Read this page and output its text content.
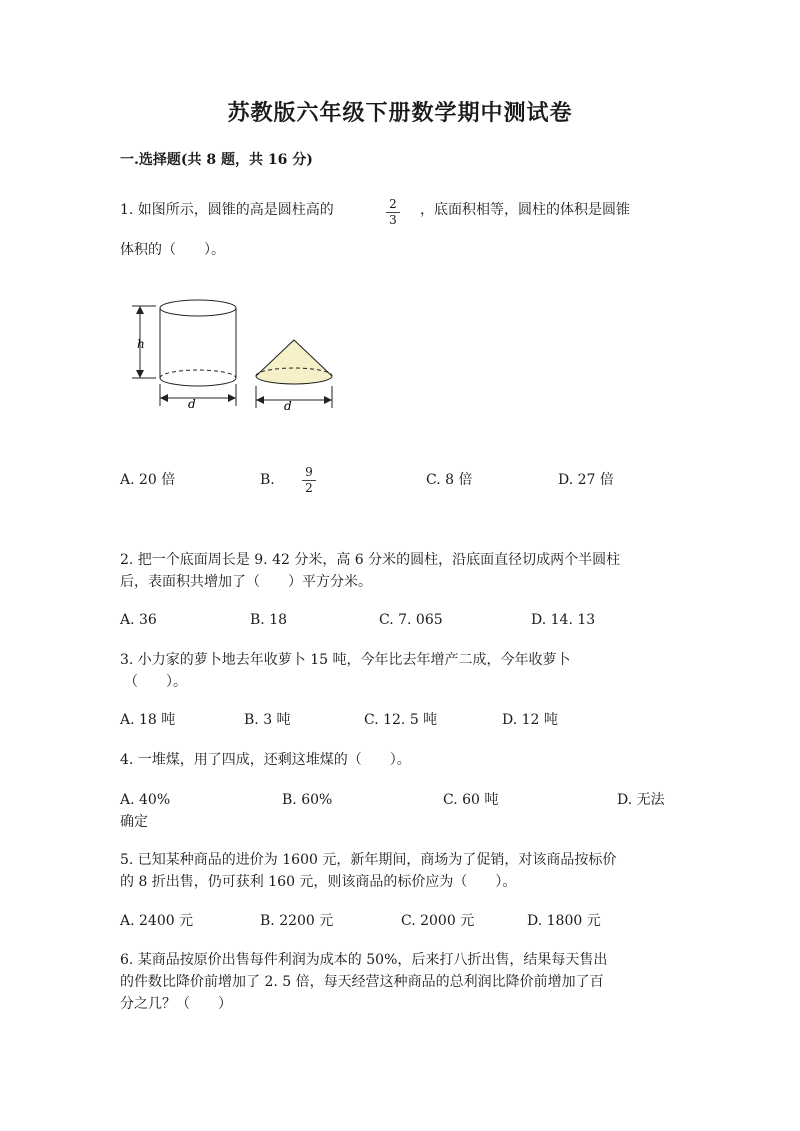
苏教版六年级下册数学期中测试卷
一.选择题(共 8 题，共 16 分)
1. 如图所示，圆锥的高是圆柱高的	2
3
，底面积相等，圆柱的体积是圆锥
体积的（　　）。
h
d	d
A. 20 倍	B.	9
2	C. 8 倍	D. 27 倍
2. 把一个底面周长是 9. 42 分米，高 6 分米的圆柱，沿底面直径切成两个半圆柱
后，表面积共增加了（　　）平方分米。
A. 36	B. 18	C. 7. 065	D. 14. 13
3. 小力家的萝卜地去年收萝卜 15 吨，今年比去年增产二成，今年收萝卜
（　　）。
A. 18 吨	B. 3 吨	C. 12. 5 吨	D. 12 吨
4. 一堆煤，用了四成，还剩这堆煤的（　　）。
A. 40%	B. 60%	C. 60 吨	D. 无法
确定
5. 已知某种商品的进价为 1600 元，新年期间，商场为了促销，对该商品按标价
的 8 折出售，仍可获利 160 元，则该商品的标价应为（　　）。
A. 2400 元	B. 2200 元	C. 2000 元	D. 1800 元
6. 某商品按原价出售每件利润为成本的 50%，后来打八折出售，结果每天售出
的件数比降价前增加了 2. 5 倍，每天经营这种商品的总利润比降价前增加了百
分之几？（　　）
